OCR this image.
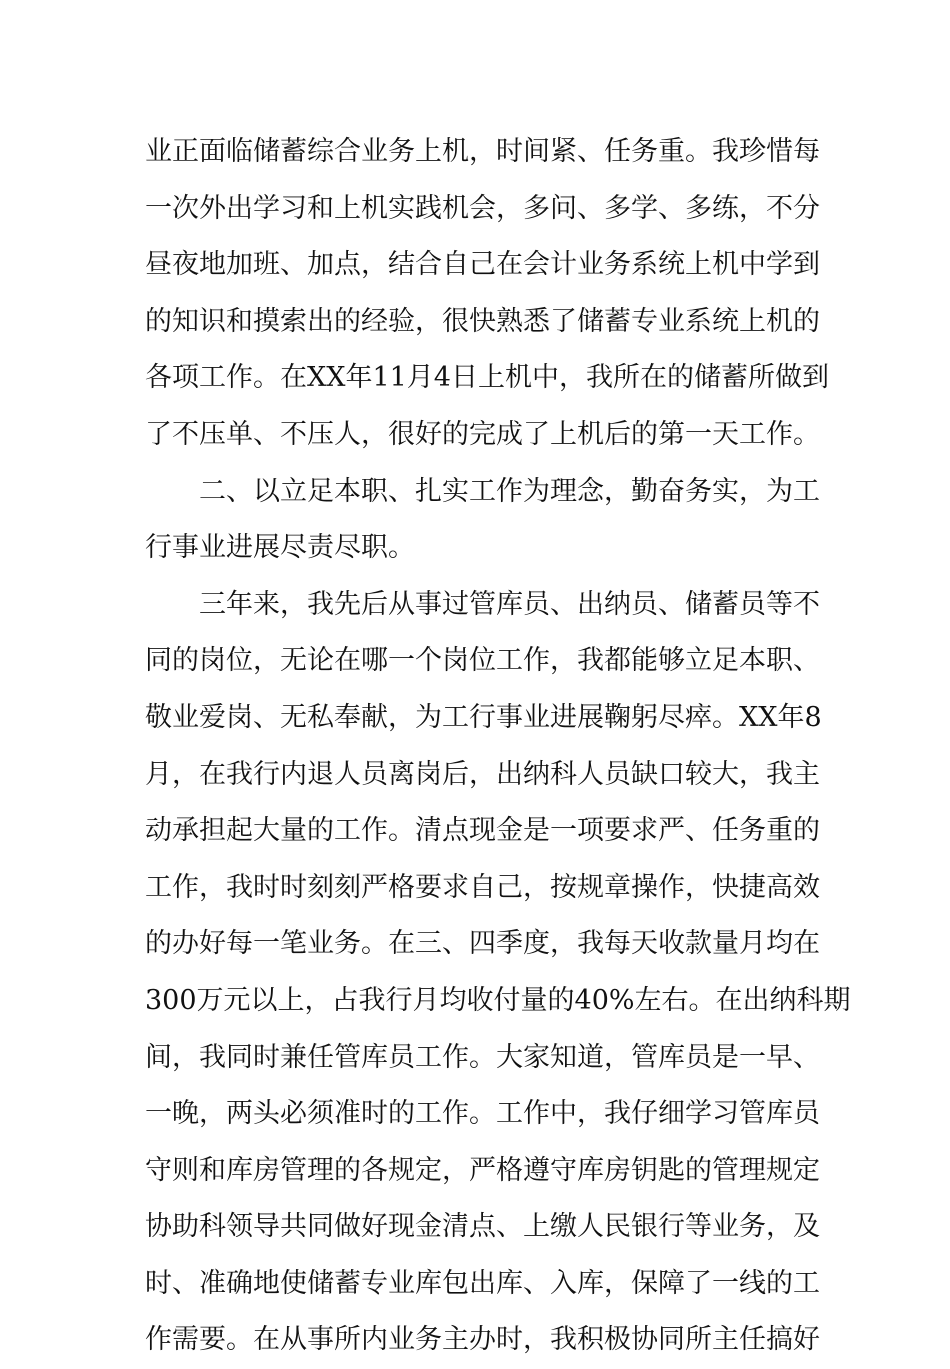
业正面临储蓄综合业务上机，时间紧、任务重。我珍惜每
一次外出学习和上机实践机会，多问、多学、多练，不分
昼夜地加班、加点，结合自己在会计业务系统上机中学到
的知识和摸索出的经验，很快熟悉了储蓄专业系统上机的
各项工作。在XX年11月4日上机中，我所在的储蓄所做到
了不压单、不压人，很好的完成了上机后的第一天工作。
二、以立足本职、扎实工作为理念，勤奋务实，为工
行事业进展尽责尽职。
三年来，我先后从事过管库员、出纳员、储蓄员等不
同的岗位，无论在哪一个岗位工作，我都能够立足本职、
敬业爱岗、无私奉献，为工行事业进展鞠躬尽瘁。XX年8
月，在我行内退人员离岗后，出纳科人员缺口较大，我主
动承担起大量的工作。清点现金是一项要求严、任务重的
工作，我时时刻刻严格要求自己，按规章操作，快捷高效
的办好每一笔业务。在三、四季度，我每天收款量月均在
300万元以上，占我行月均收付量的40%左右。在出纳科期
间，我同时兼任管库员工作。大家知道，管库员是一早、
一晚，两头必须准时的工作。工作中，我仔细学习管库员
守则和库房管理的各规定，严格遵守库房钥匙的管理规定
协助科领导共同做好现金清点、上缴人民银行等业务，及
时、准确地使储蓄专业库包出库、入库，保障了一线的工
作需要。在从事所内业务主办时，我积极协同所主任搞好
